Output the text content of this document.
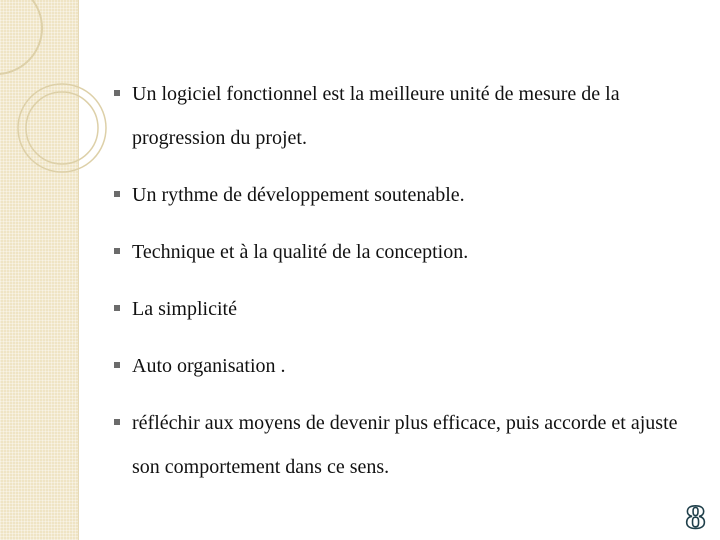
Un logiciel fonctionnel est la meilleure unité de mesure de la progression du projet.
Un rythme de développement soutenable.
Technique et à la qualité de la conception.
La simplicité
Auto organisation .
réfléchir aux moyens de devenir plus efficace, puis accorde et ajuste son comportement dans ce sens.
8
